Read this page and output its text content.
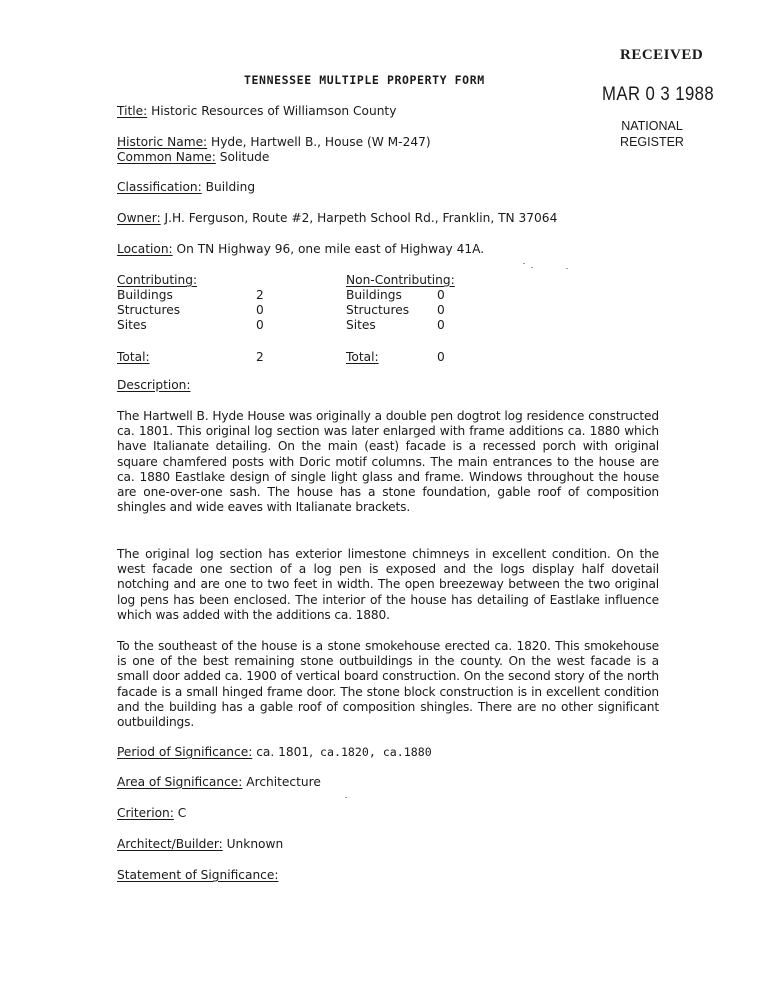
RECEIVED
MAR 0 3 1988
NATIONAL
REGISTER
TENNESSEE MULTIPLE PROPERTY FORM
Title: Historic Resources of Williamson County
Historic Name: Hyde, Hartwell B., House (W M-247)
Common Name: Solitude
Classification: Building
Owner: J.H. Ferguson, Route #2, Harpeth School Rd., Franklin, TN 37064
Location: On TN Highway 96, one mile east of Highway 41A.
Contributing:
Buildings	2
Structures	0
Sites	0
Total:	2
Non-Contributing:
Buildings	0
Structures 0
Sites	0
Total:	0
Description:
The Hartwell B. Hyde House was originally a double pen dogtrot log residence constructed ca. 1801. This original log section was later enlarged with frame additions ca. 1880 which have Italianate detailing. On the main (east) facade is a recessed porch with original square chamfered posts with Doric motif columns. The main entrances to the house are ca. 1880 Eastlake design of single light glass and frame. Windows throughout the house are one-over-one sash. The house has a stone foundation, gable roof of composition shingles and wide eaves with Italianate brackets.
The original log section has exterior limestone chimneys in excellent condition. On the west facade one section of a log pen is exposed and the logs display half dovetail notching and are one to two feet in width. The open breezeway between the two original log pens has been enclosed. The interior of the house has detailing of Eastlake influence which was added with the additions ca. 1880.
To the southeast of the house is a stone smokehouse erected ca. 1820. This smokehouse is one of the best remaining stone outbuildings in the county. On the west facade is a small door added ca. 1900 of vertical board construction. On the second story of the north facade is a small hinged frame door. The stone block construction is in excellent condition and the building has a gable roof of composition shingles. There are no other significant outbuildings.
Period of Significance: ca. 1801, ca.1820, ca.1880
Area of Significance: Architecture
Criterion: C
Architect/Builder: Unknown
Statement of Significance:
